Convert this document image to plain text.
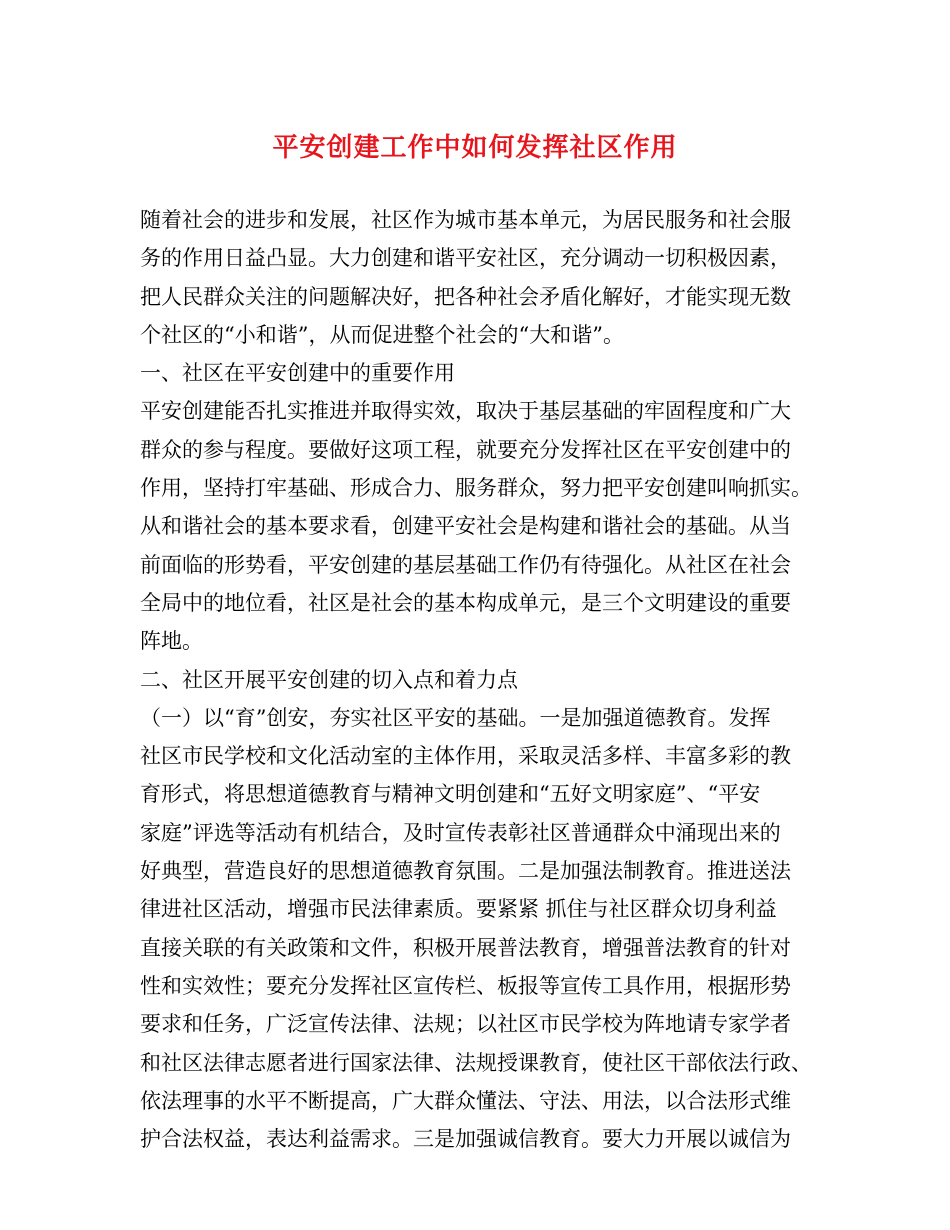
平安创建工作中如何发挥社区作用

随着社会的进步和发展，社区作为城市基本单元，为居民服务和社会服

务的作用日益凸显。大力创建和谐平安社区，充分调动一切积极因素，

把人民群众关注的问题解决好，把各种社会矛盾化解好，才能实现无数

个社区的“小和谐”，从而促进整个社会的“大和谐”。

一、社区在平安创建中的重要作用

平安创建能否扎实推进并取得实效，取决于基层基础的牢固程度和广大

群众的参与程度。要做好这项工程，就要充分发挥社区在平安创建中的

作用，坚持打牢基础、形成合力、服务群众，努力把平安创建叫响抓实。

从和谐社会的基本要求看，创建平安社会是构建和谐社会的基础。从当

前面临的形势看，平安创建的基层基础工作仍有待强化。从社区在社会

全局中的地位看，社区是社会的基本构成单元，是三个文明建设的重要

阵地。

二、社区开展平安创建的切入点和着力点

（一）以“育”创安，夯实社区平安的基础。一是加强道德教育。发挥

社区市民学校和文化活动室的主体作用，采取灵活多样、丰富多彩的教

育形式，将思想道德教育与精神文明创建和“五好文明家庭”、“平安

家庭”评选等活动有机结合，及时宣传表彰社区普通群众中涌现出来的

好典型，营造良好的思想道德教育氛围。二是加强法制教育。推进送法

律进社区活动，增强市民法律素质。要紧紧 抓住与社区群众切身利益

直接关联的有关政策和文件，积极开展普法教育，增强普法教育的针对

性和实效性；要充分发挥社区宣传栏、板报等宣传工具作用，根据形势

要求和任务，广泛宣传法律、法规；以社区市民学校为阵地请专家学者

和社区法律志愿者进行国家法律、法规授课教育，使社区干部依法行政、

依法理事的水平不断提高，广大群众懂法、守法、用法，以合法形式维

护合法权益，表达利益需求。三是加强诚信教育。要大力开展以诚信为
